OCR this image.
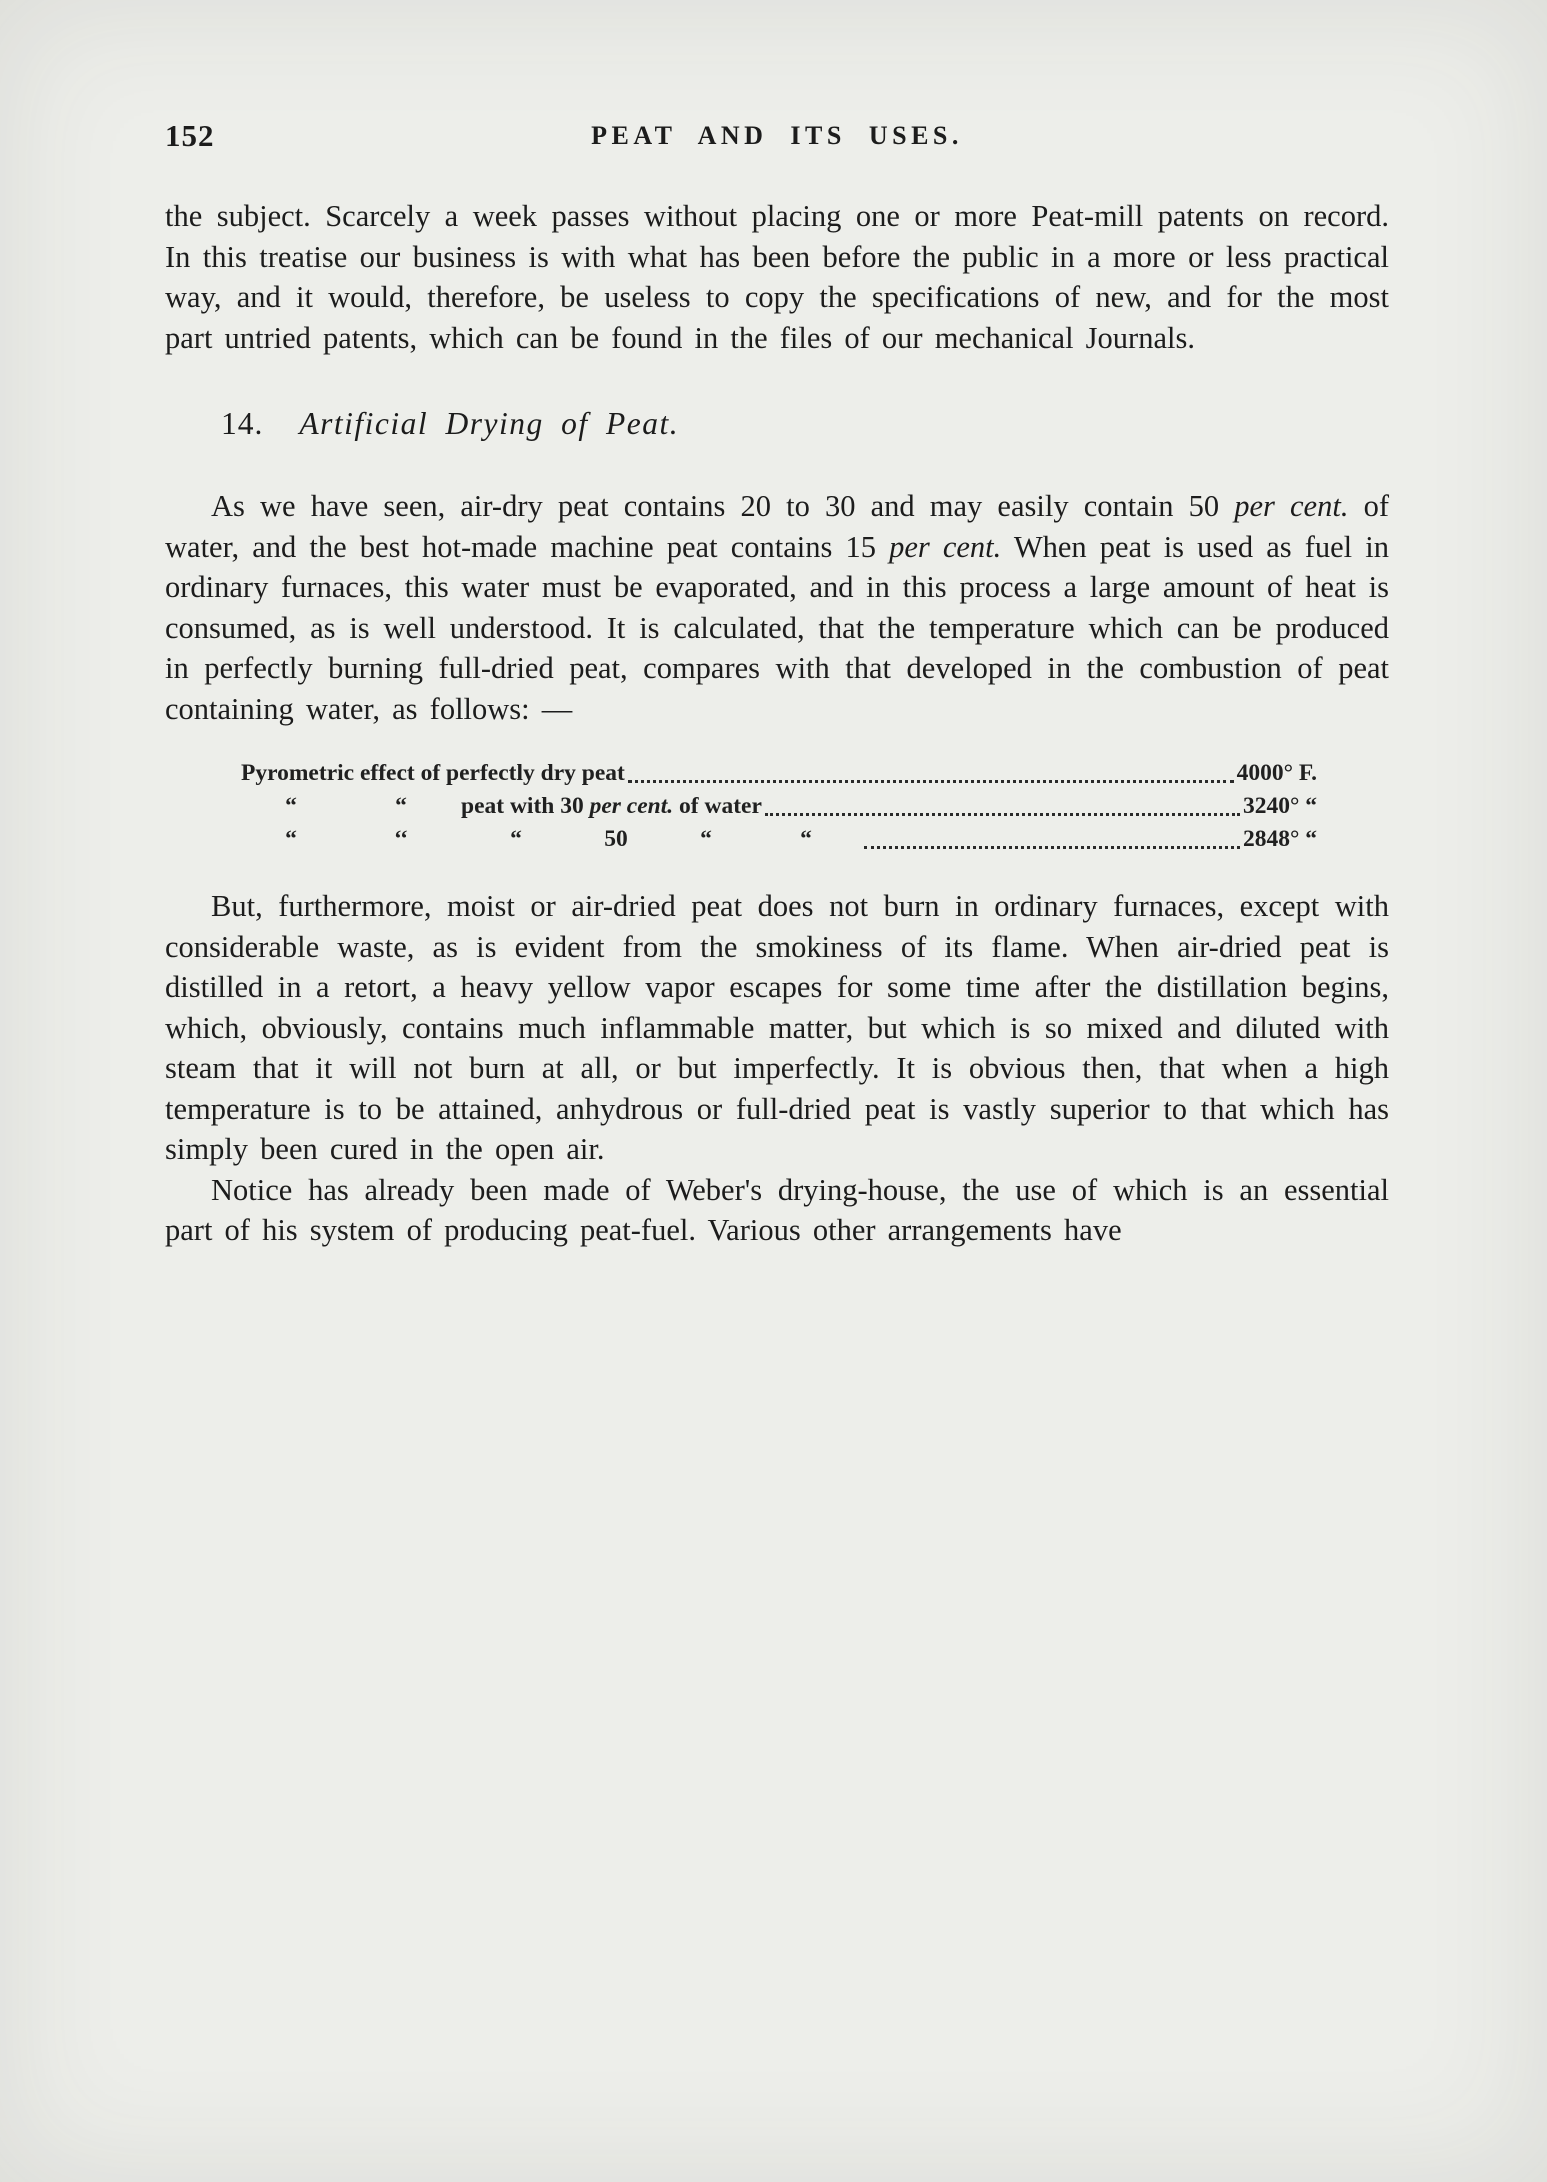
152	PEAT AND ITS USES.
the subject. Scarcely a week passes without placing one or more Peat-mill patents on record. In this treatise our business is with what has been before the public in a more or less practical way, and it would, therefore, be useless to copy the specifications of new, and for the most part untried patents, which can be found in the files of our mechanical Journals.
14. Artificial Drying of Peat.
As we have seen, air-dry peat contains 20 to 30 and may easily contain 50 per cent. of water, and the best hot-made machine peat contains 15 per cent. When peat is used as fuel in ordinary furnaces, this water must be evaporated, and in this process a large amount of heat is consumed, as is well understood. It is calculated, that the temperature which can be produced in perfectly burning full-dried peat, compares with that developed in the combustion of peat containing water, as follows: —
Pyrometric effect of perfectly dry peat	4000° F.
“	“	peat with 30 per cent. of water	3240° “
“	‘‘	“	50	“	“	2848° “
But, furthermore, moist or air-dried peat does not burn in ordinary furnaces, except with considerable waste, as is evident from the smokiness of its flame. When air-dried peat is distilled in a retort, a heavy yellow vapor escapes for some time after the distillation begins, which, obviously, contains much inflammable matter, but which is so mixed and diluted with steam that it will not burn at all, or but imperfectly. It is obvious then, that when a high temperature is to be attained, anhydrous or full-dried peat is vastly superior to that which has simply been cured in the open air.
Notice has already been made of Weber's drying-house, the use of which is an essential part of his system of producing peat-fuel. Various other arrangements have
